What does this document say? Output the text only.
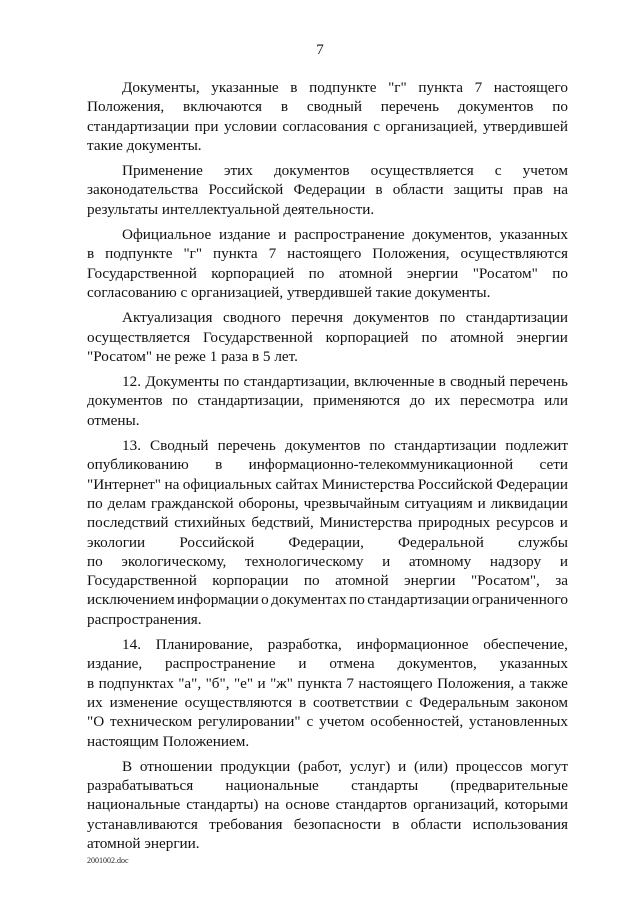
7
Документы, указанные в подпункте "г" пункта 7 настоящего
Положения, включаются в сводный перечень документов по
стандартизации при условии согласования с организацией, утвердившей
такие документы.
Применение этих документов осуществляется с учетом
законодательства Российской Федерации в области защиты прав на
результаты интеллектуальной деятельности.
Официальное издание и распространение документов, указанных
в подпункте "г" пункта 7 настоящего Положения, осуществляются
Государственной корпорацией по атомной энергии "Росатом" по
согласованию с организацией, утвердившей такие документы.
Актуализация сводного перечня документов по стандартизации
осуществляется Государственной корпорацией по атомной энергии
"Росатом" не реже 1 раза в 5 лет.
12. Документы по стандартизации, включенные в сводный перечень
документов по стандартизации, применяются до их пересмотра или
отмены.
13. Сводный перечень документов по стандартизации подлежит
опубликованию в информационно-телекоммуникационной сети
"Интернет" на официальных сайтах Министерства Российской Федерации
по делам гражданской обороны, чрезвычайным ситуациям и ликвидации
последствий стихийных бедствий, Министерства природных ресурсов и
экологии Российской Федерации, Федеральной службы
по экологическому, технологическому и атомному надзору и
Государственной корпорации по атомной энергии "Росатом", за
исключением информации о документах по стандартизации ограниченного
распространения.
14. Планирование, разработка, информационное обеспечение,
издание, распространение и отмена документов, указанных
в подпунктах "а", "б", "е" и "ж" пункта 7 настоящего Положения, а также
их изменение осуществляются в соответствии с Федеральным законом
"О техническом регулировании" с учетом особенностей, установленных
настоящим Положением.
В отношении продукции (работ, услуг) и (или) процессов могут
разрабатываться национальные стандарты (предварительные
национальные стандарты) на основе стандартов организаций, которыми
устанавливаются требования безопасности в области использования
атомной энергии.
2001002.doc
